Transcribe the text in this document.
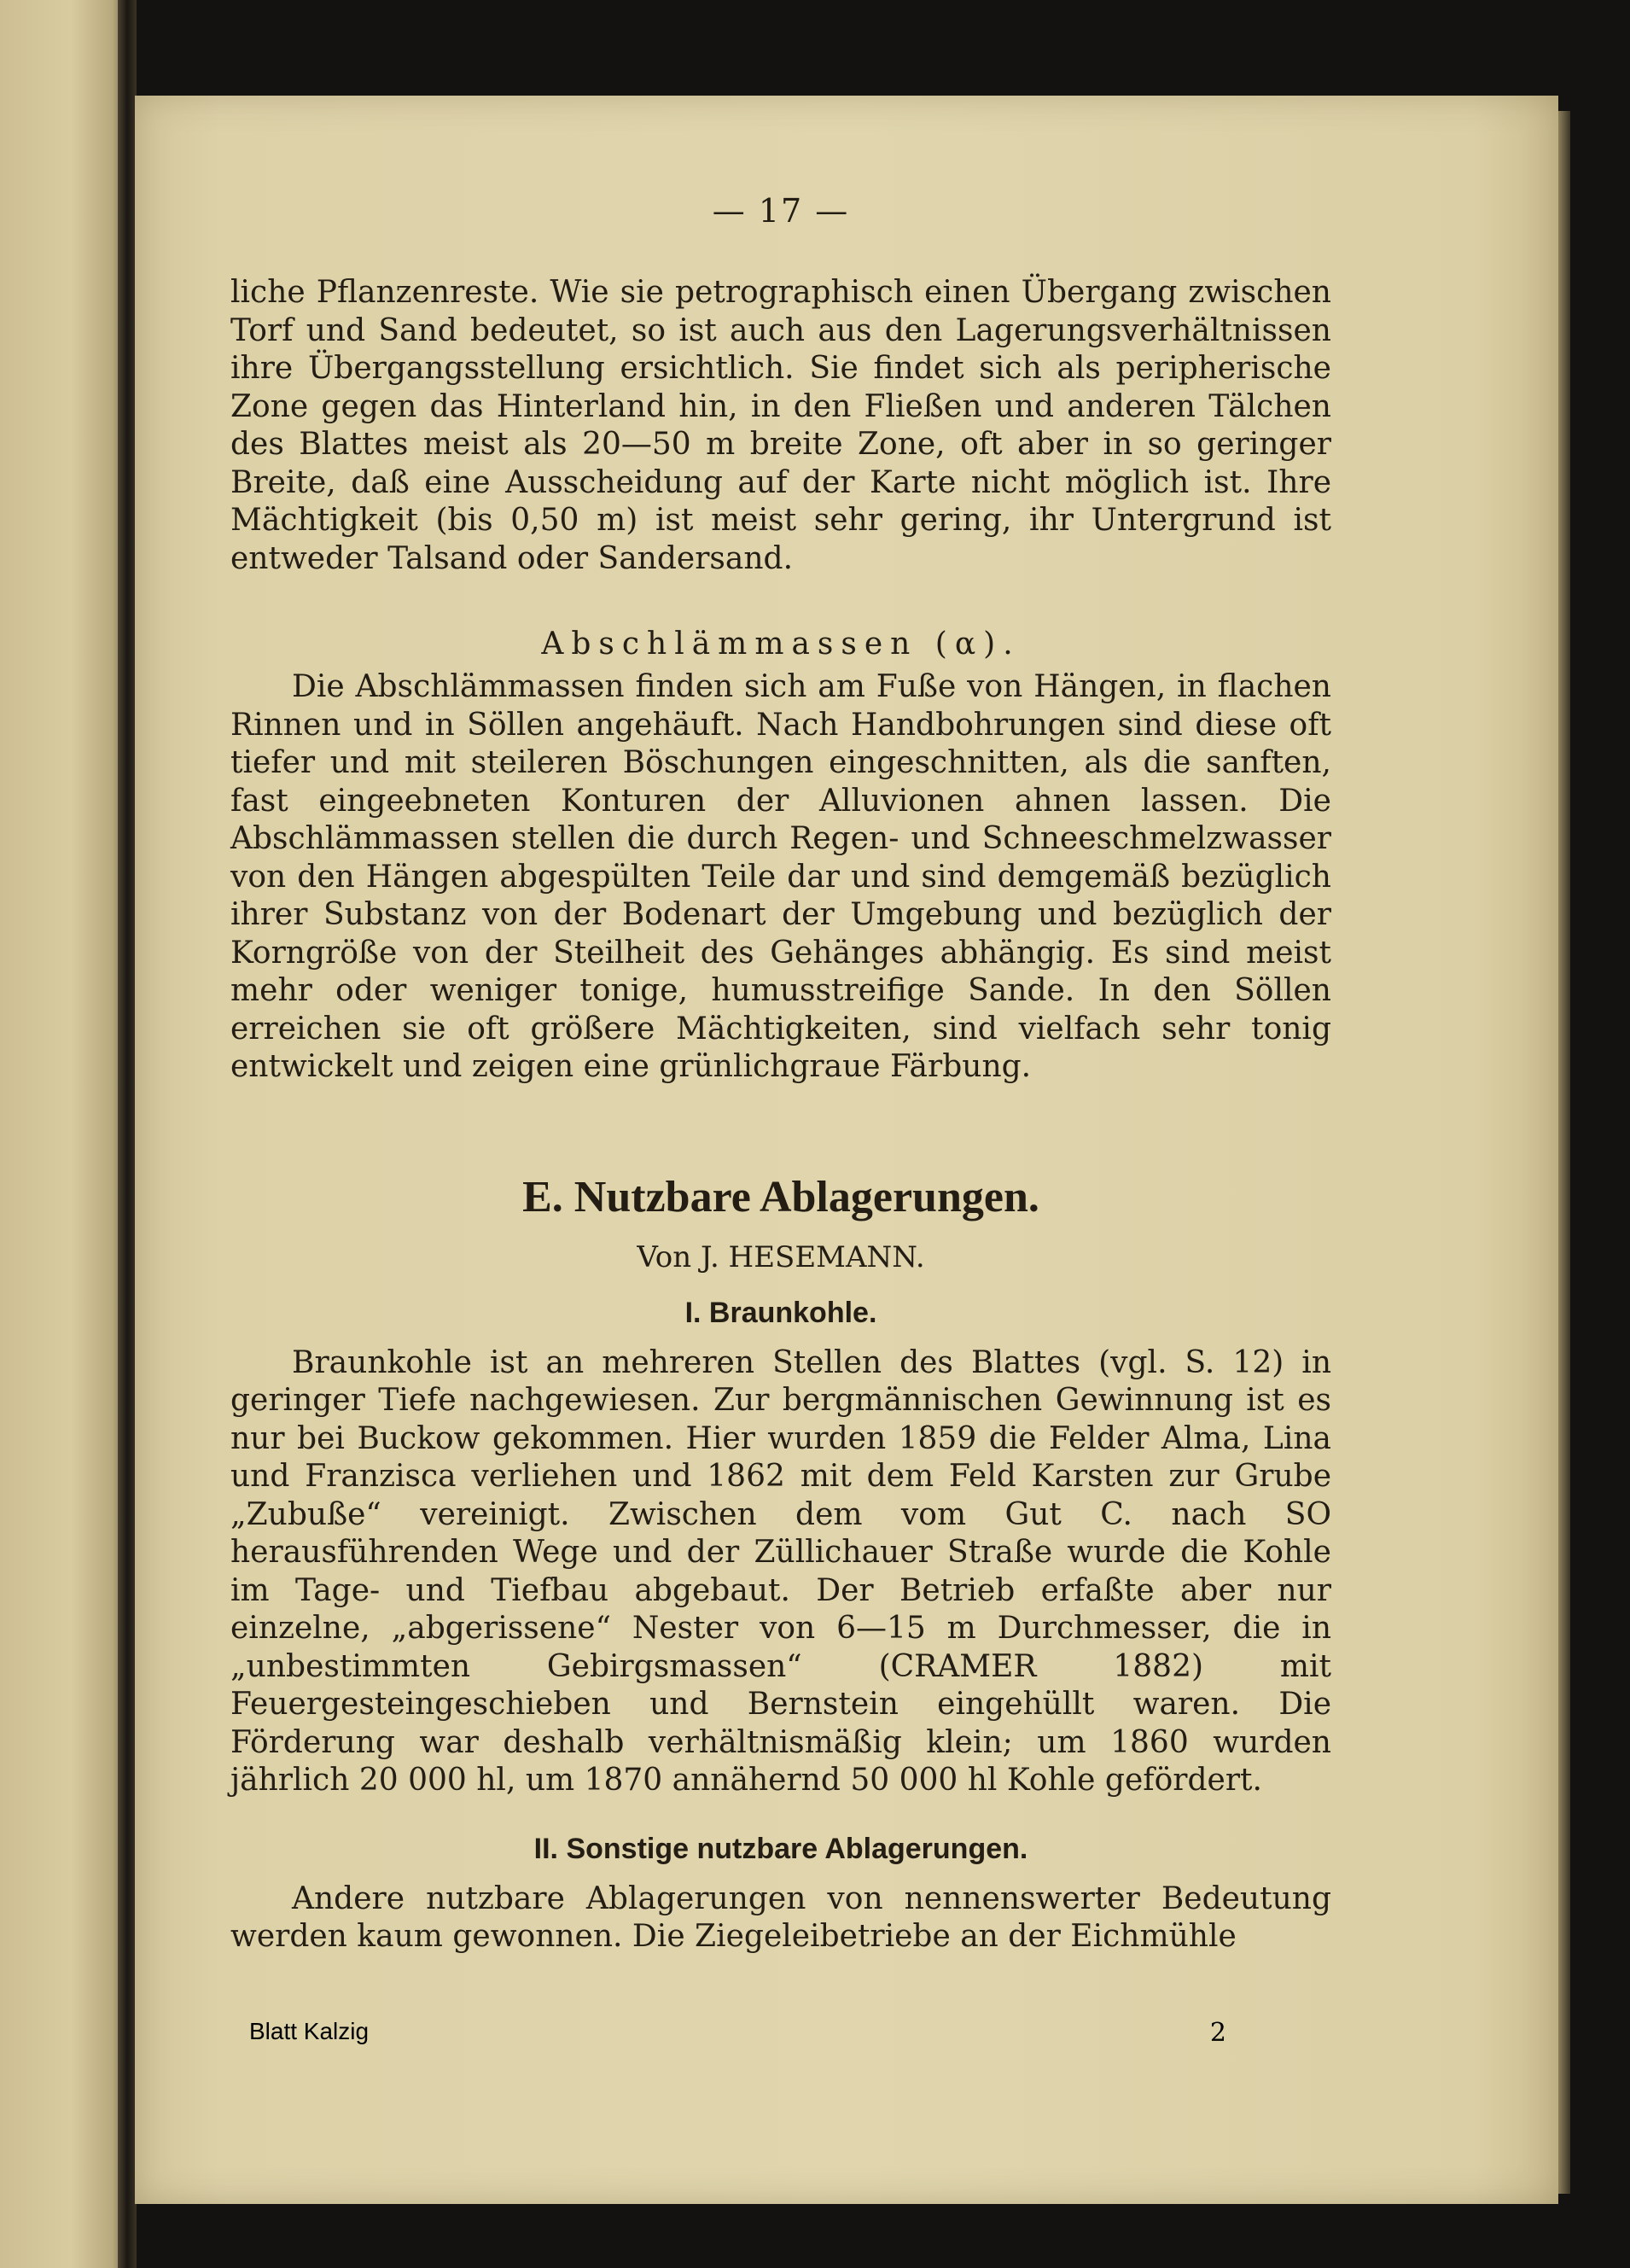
— 17 —

liche Pflanzenreste. Wie sie petrographisch einen Übergang zwischen Torf und Sand bedeutet, so ist auch aus den Lagerungsverhältnissen ihre Übergangsstellung ersichtlich. Sie findet sich als peripherische Zone gegen das Hinterland hin, in den Fließen und anderen Tälchen des Blattes meist als 20—50 m breite Zone, oft aber in so geringer Breite, daß eine Ausscheidung auf der Karte nicht möglich ist. Ihre Mächtigkeit (bis 0,50 m) ist meist sehr gering, ihr Untergrund ist entweder Talsand oder Sandersand.

Abschlämmassen (α).

Die Abschlämmassen finden sich am Fuße von Hängen, in flachen Rinnen und in Söllen angehäuft. Nach Handbohrungen sind diese oft tiefer und mit steileren Böschungen eingeschnitten, als die sanften, fast eingeebneten Konturen der Alluvionen ahnen lassen. Die Abschlämmassen stellen die durch Regen- und Schneeschmelzwasser von den Hängen abgespülten Teile dar und sind demgemäß bezüglich ihrer Substanz von der Bodenart der Umgebung und bezüglich der Korngröße von der Steilheit des Gehänges abhängig. Es sind meist mehr oder weniger tonige, humusstreifige Sande. In den Söllen erreichen sie oft größere Mächtigkeiten, sind vielfach sehr tonig entwickelt und zeigen eine grünlichgraue Färbung.

E. Nutzbare Ablagerungen.
Von J. HESEMANN.
I. Braunkohle.

Braunkohle ist an mehreren Stellen des Blattes (vgl. S. 12) in geringer Tiefe nachgewiesen. Zur bergmännischen Gewinnung ist es nur bei Buckow gekommen. Hier wurden 1859 die Felder Alma, Lina und Franzisca verliehen und 1862 mit dem Feld Karsten zur Grube „Zubuße“ vereinigt. Zwischen dem vom Gut C. nach SO herausführenden Wege und der Züllichauer Straße wurde die Kohle im Tage- und Tiefbau abgebaut. Der Betrieb erfaßte aber nur einzelne, „abgerissene“ Nester von 6—15 m Durchmesser, die in „unbestimmten Gebirgsmassen“ (CRAMER 1882) mit Feuergesteingeschieben und Bernstein eingehüllt waren. Die Förderung war deshalb verhältnismäßig klein; um 1860 wurden jährlich 20 000 hl, um 1870 annähernd 50 000 hl Kohle gefördert.

II. Sonstige nutzbare Ablagerungen.

Andere nutzbare Ablagerungen von nennenswerter Bedeutung werden kaum gewonnen. Die Ziegeleibetriebe an der Eichmühle

Blatt Kalzig	2
